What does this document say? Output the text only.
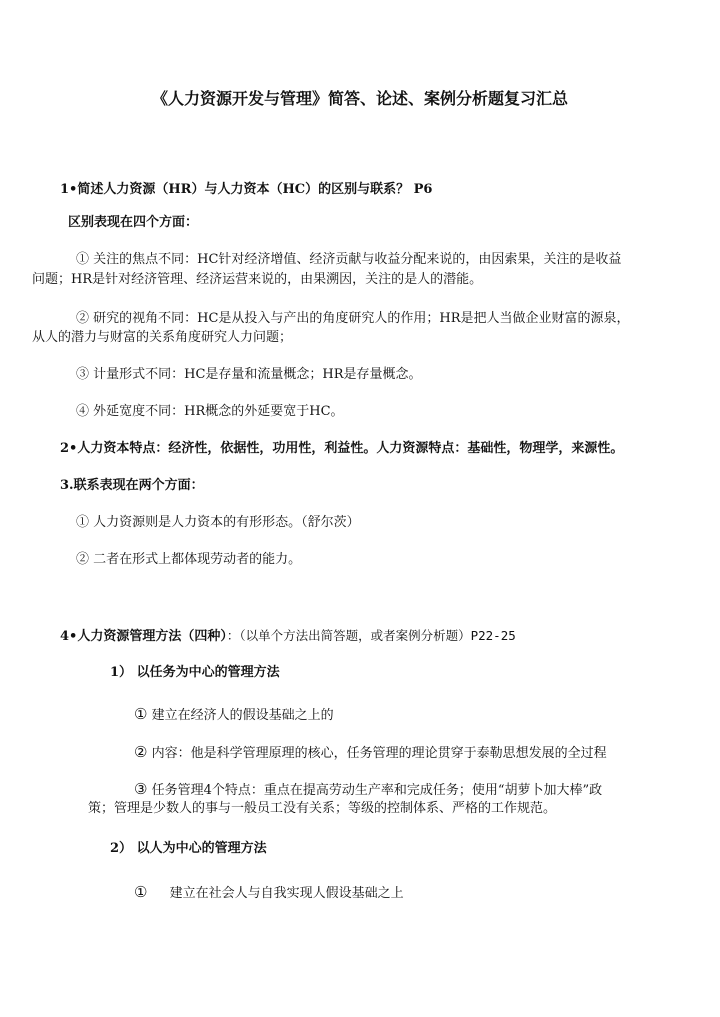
《人力资源开发与管理》简答、论述、案例分析题复习汇总
1•简述人力资源（HR）与人力资本（HC）的区别与联系？ P6
区别表现在四个方面：
① 关注的焦点不同：HC针对经济增值、经济贡献与收益分配来说的，由因索果，关注的是收益
问题；HR是针对经济管理、经济运营来说的，由果溯因，关注的是人的潜能。
② 研究的视角不同：HC是从投入与产出的角度研究人的作用；HR是把人当做企业财富的源泉，
从人的潜力与财富的关系角度研究人力问题；
③ 计量形式不同：HC是存量和流量概念；HR是存量概念。
④ 外延宽度不同：HR概念的外延要宽于HC。
2•人力资本特点：经济性，依据性，功用性，利益性。人力资源特点：基础性，物理学，来源性。
3.联系表现在两个方面：
① 人力资源则是人力资本的有形形态。（舒尔茨）
② 二者在形式上都体现劳动者的能力。
4•人力资源管理方法（四种）：（以单个方法出简答题，或者案例分析题）P22-25
1） 以任务为中心的管理方法
① 建立在经济人的假设基础之上的
② 内容：他是科学管理原理的核心，任务管理的理论贯穿于泰勒思想发展的全过程
③ 任务管理4个特点：重点在提高劳动生产率和完成任务；使用“胡萝卜加大棒”政
策；管理是少数人的事与一般员工没有关系；等级的控制体系、严格的工作规范。
2） 以人为中心的管理方法
① 建立在社会人与自我实现人假设基础之上
